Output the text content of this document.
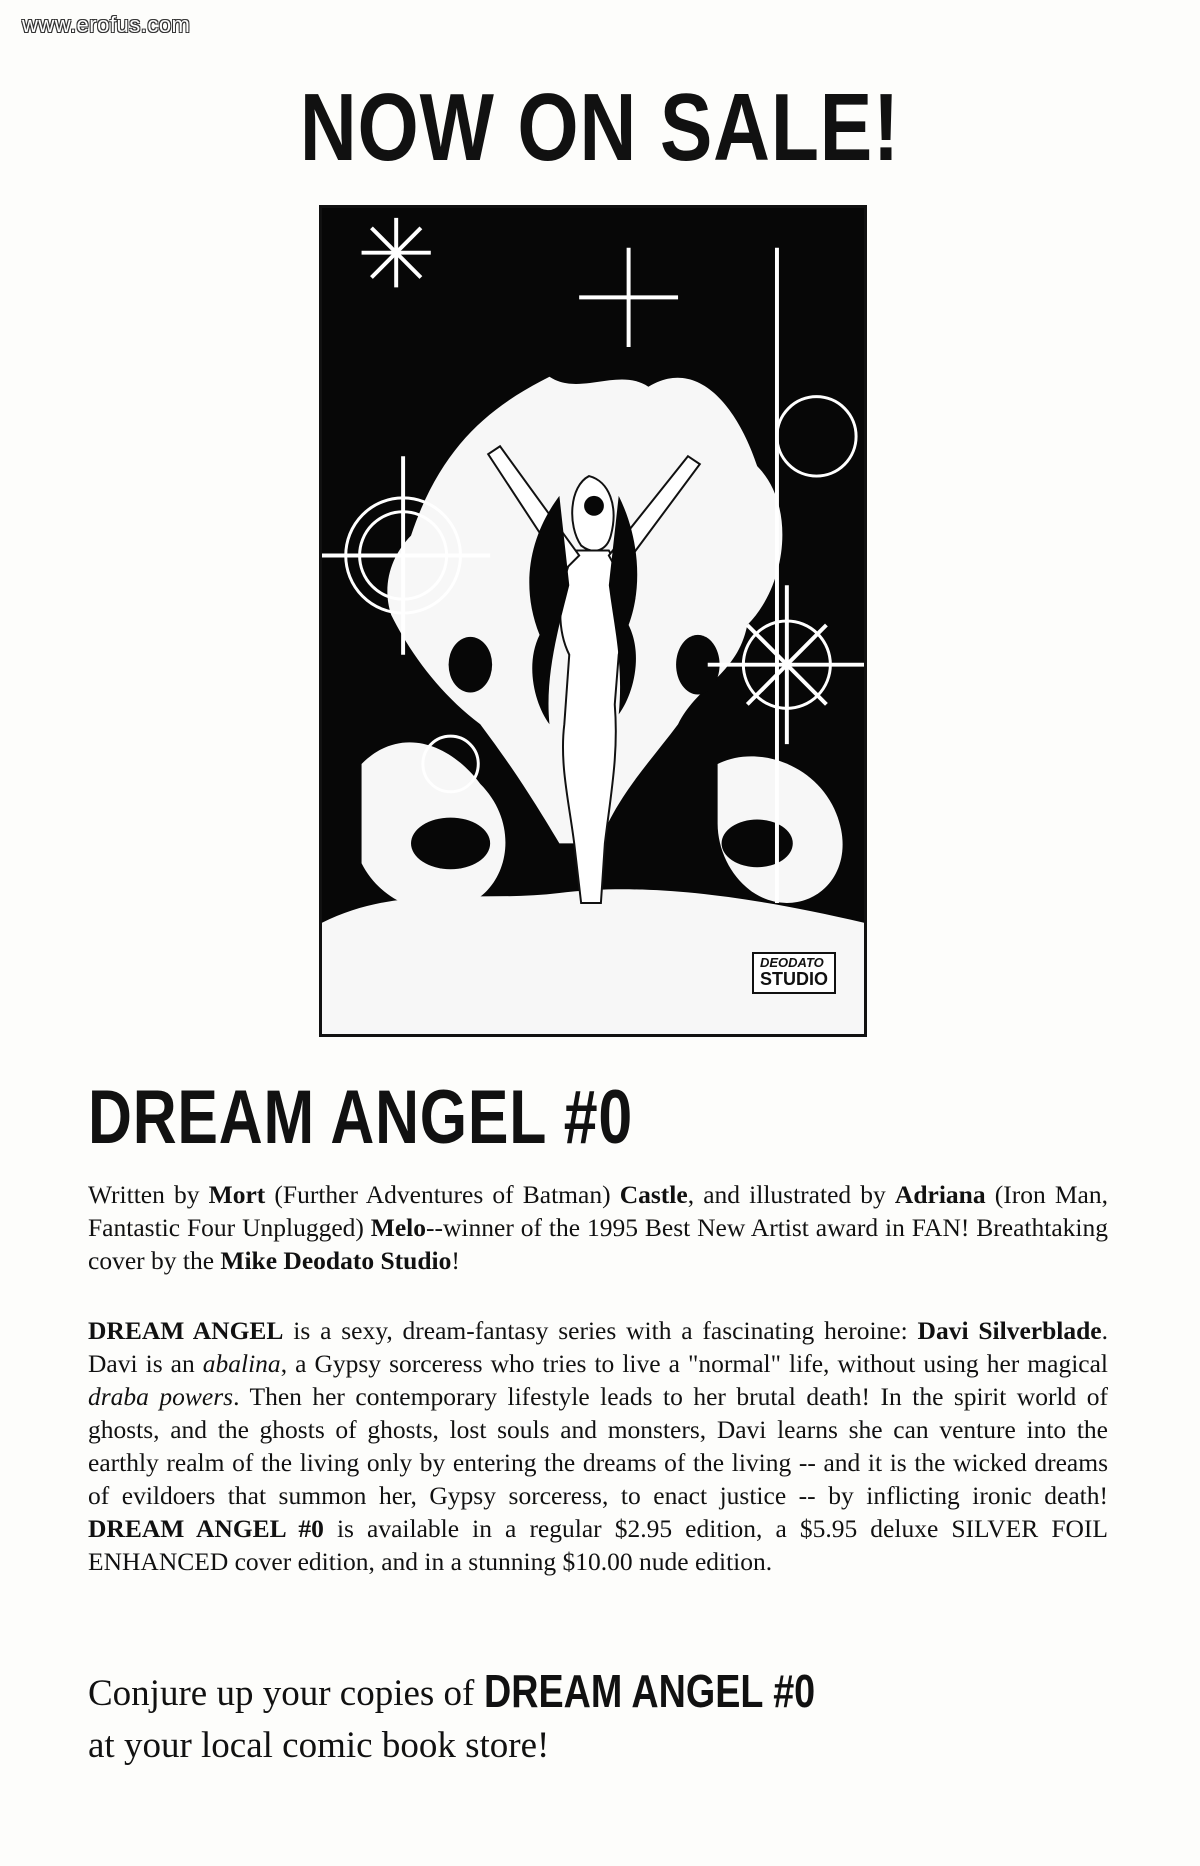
www.erofus.com
NOW ON SALE!
DEODATO
STUDIO
DREAM ANGEL #0

Written by Mort (Further Adventures of Batman) Castle, and illustrated by Adriana (Iron Man, Fantastic Four Unplugged) Melo--winner of the 1995 Best New Artist award in FAN! Breathtaking cover by the Mike Deodato Studio!

DREAM ANGEL is a sexy, dream-fantasy series with a fascinating heroine: Davi Silverblade. Davi is an abalina, a Gypsy sorceress who tries to live a "normal" life, without using her magical draba powers. Then her contemporary lifestyle leads to her brutal death! In the spirit world of ghosts, and the ghosts of ghosts, lost souls and monsters, Davi learns she can venture into the earthly realm of the living only by entering the dreams of the living -- and it is the wicked dreams of evildoers that summon her, Gypsy sorceress, to enact justice -- by inflicting ironic death! DREAM ANGEL #0 is available in a regular $2.95 edition, a $5.95 deluxe SILVER FOIL ENHANCED cover edition, and in a stunning $10.00 nude edition.

Conjure up your copies of DREAM ANGEL #0
at your local comic book store!
